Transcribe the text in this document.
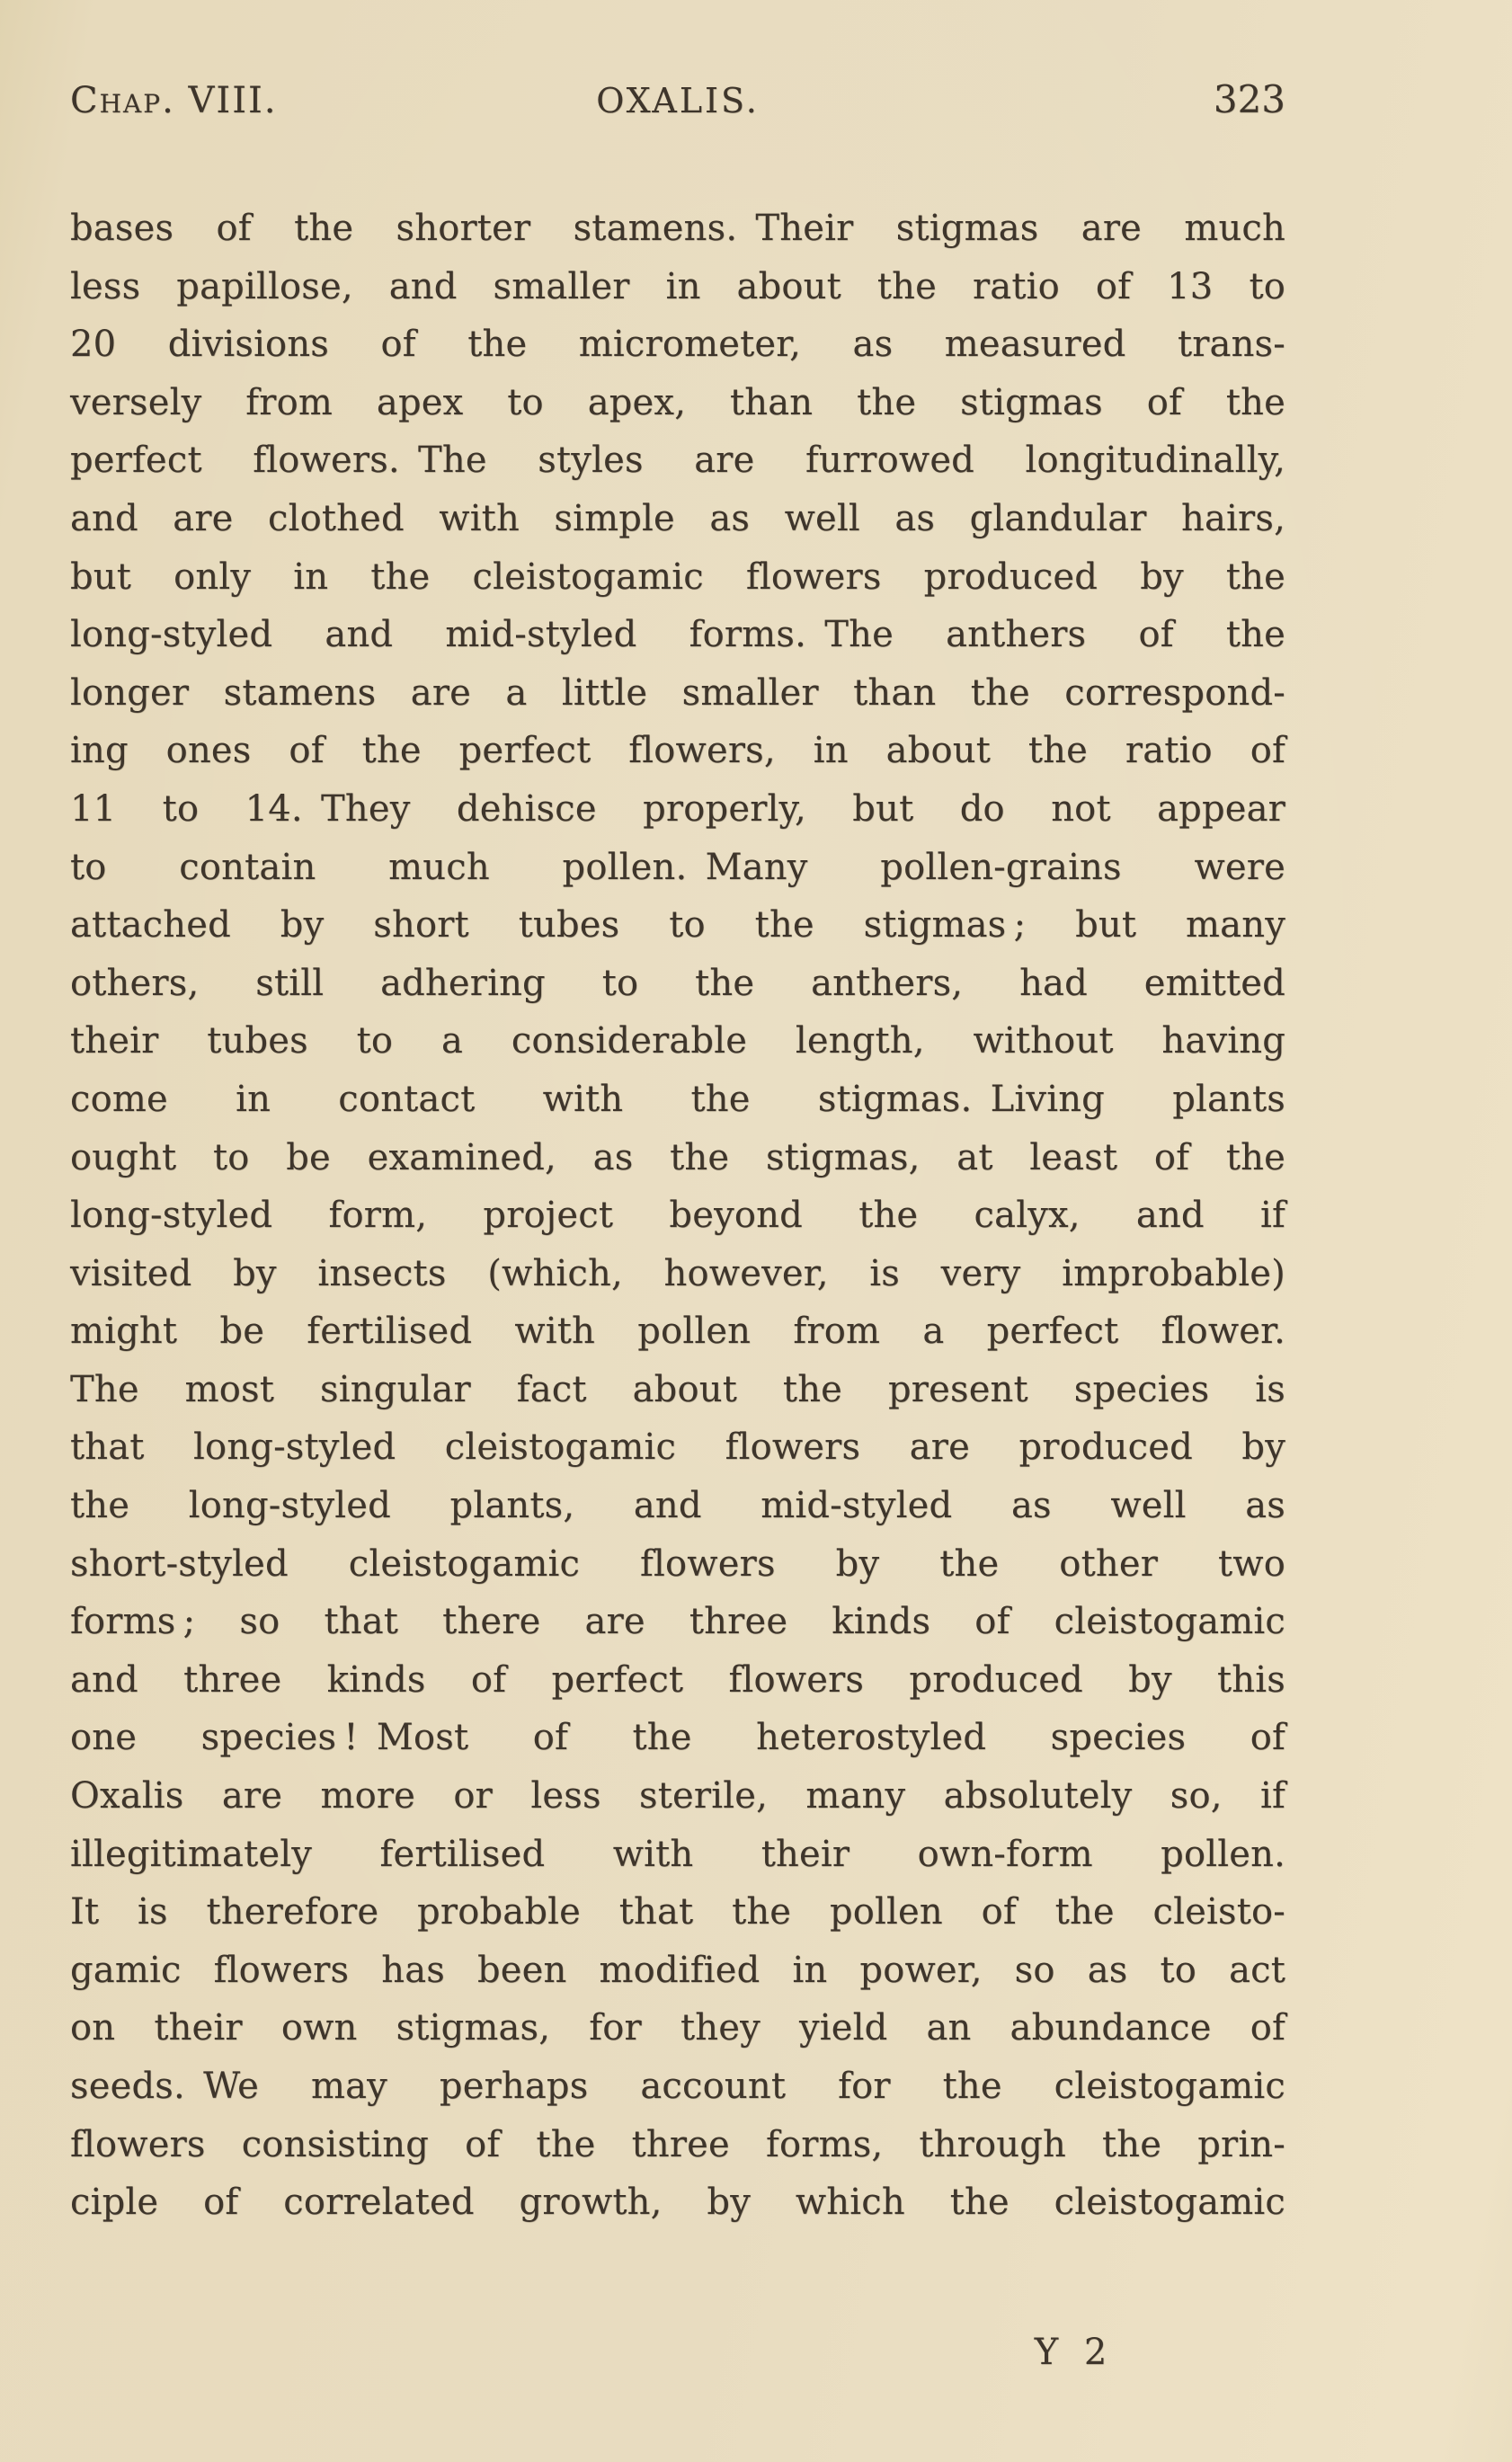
Chap. VIII.	OXALIS.	323
bases of the shorter stamens. Their stigmas are much
less papillose, and smaller in about the ratio of 13 to
20 divisions of the micrometer, as measured trans-
versely from apex to apex, than the stigmas of the
perfect flowers. The styles are furrowed longitudinally,
and are clothed with simple as well as glandular hairs,
but only in the cleistogamic flowers produced by the
long-styled and mid-styled forms. The anthers of the
longer stamens are a little smaller than the correspond-
ing ones of the perfect flowers, in about the ratio of
11 to 14. They dehisce properly, but do not appear
to contain much pollen. Many pollen-grains were
attached by short tubes to the stigmas ; but many
others, still adhering to the anthers, had emitted
their tubes to a considerable length, without having
come in contact with the stigmas. Living plants
ought to be examined, as the stigmas, at least of the
long-styled form, project beyond the calyx, and if
visited by insects (which, however, is very improbable)
might be fertilised with pollen from a perfect flower.
The most singular fact about the present species is
that long-styled cleistogamic flowers are produced by
the long-styled plants, and mid-styled as well as
short-styled cleistogamic flowers by the other two
forms ; so that there are three kinds of cleistogamic
and three kinds of perfect flowers produced by this
one species ! Most of the heterostyled species of
Oxalis are more or less sterile, many absolutely so, if
illegitimately fertilised with their own-form pollen.
It is therefore probable that the pollen of the cleisto-
gamic flowers has been modified in power, so as to act
on their own stigmas, for they yield an abundance of
seeds. We may perhaps account for the cleistogamic
flowers consisting of the three forms, through the prin-
ciple of correlated growth, by which the cleistogamic
Y 2
